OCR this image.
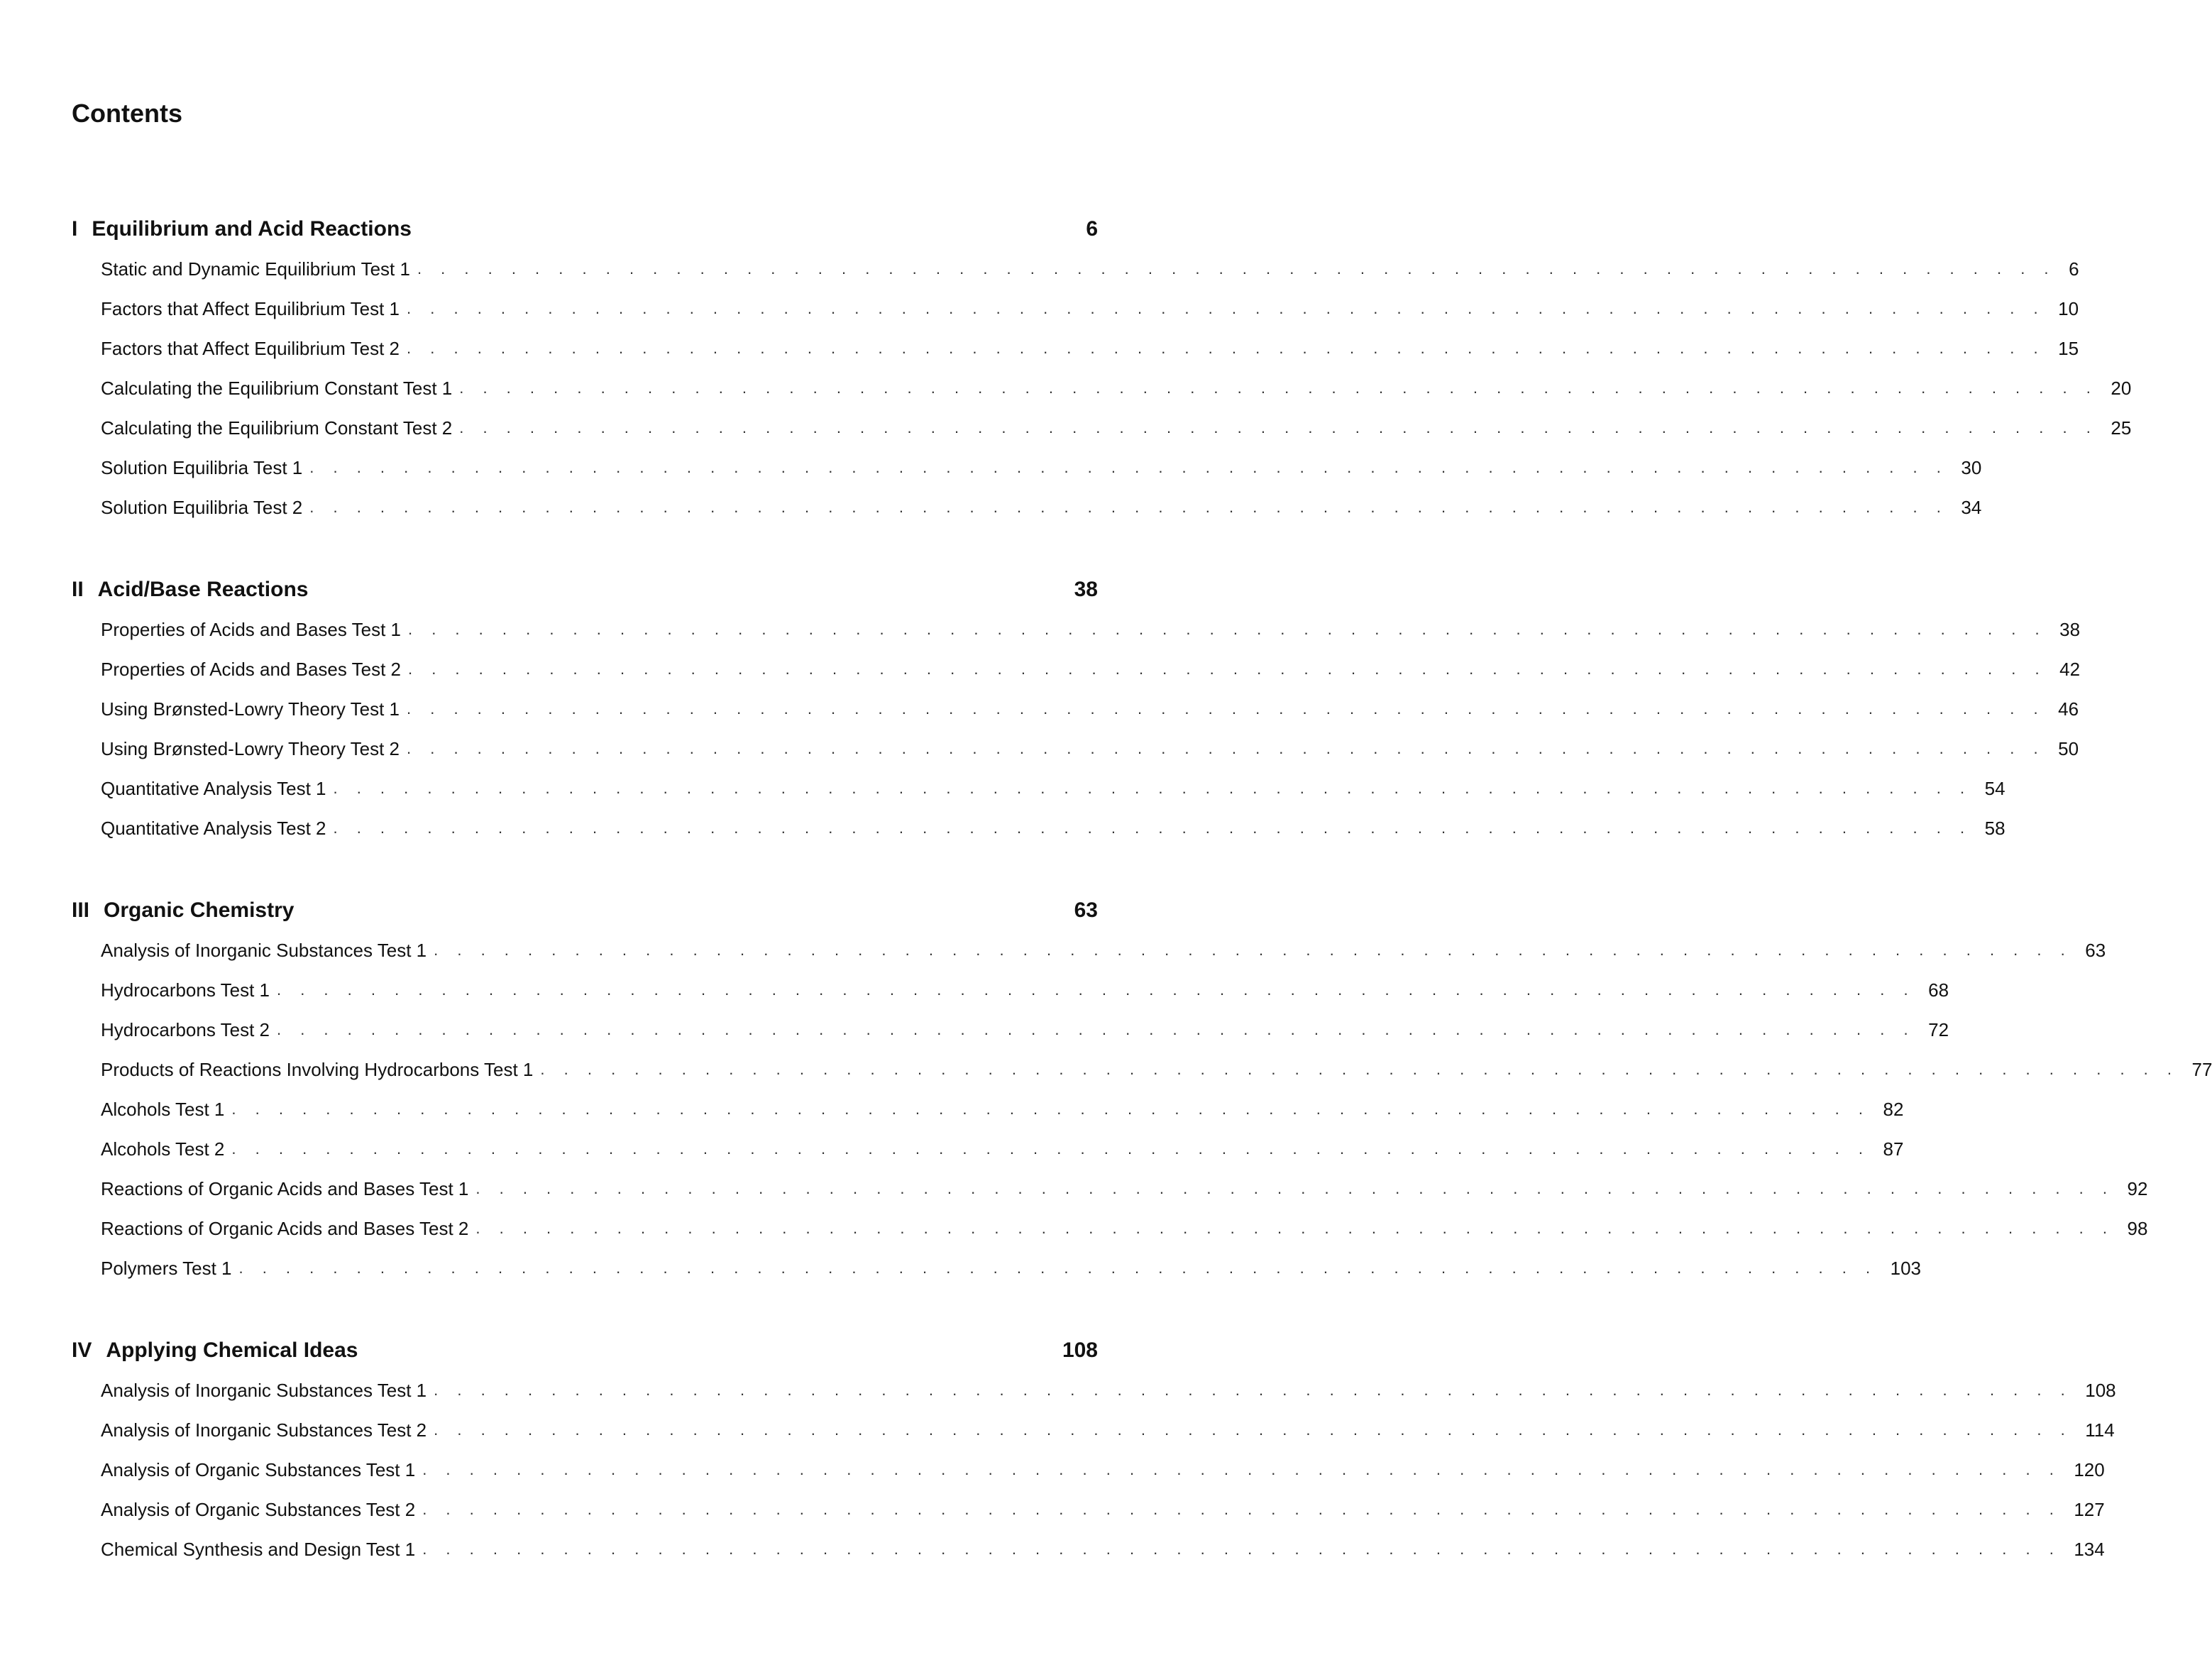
Contents
I Equilibrium and Acid Reactions	6
Static and Dynamic Equilibrium Test 1 . . . . . . . . . . . . . . . . . . . . . . . . . . . . . . . . . . . . . . . . . . . . . . . . . . . . . . . . . . . . . . . . . . . . . . 6
Factors that Affect Equilibrium Test 1 . . . . . . . . . . . . . . . . . . . . . . . . . . . . . . . . . . . . . . . . . . . . . . . . . . . . . . . . . . . . . . . . . . . . . . 10
Factors that Affect Equilibrium Test 2 . . . . . . . . . . . . . . . . . . . . . . . . . . . . . . . . . . . . . . . . . . . . . . . . . . . . . . . . . . . . . . . . . . . . . . 15
Calculating the Equilibrium Constant Test 1 . . . . . . . . . . . . . . . . . . . . . . . . . . . . . . . . . . . . . . . . . . . . . . . . . . . . . . . . . . . . . . . . . . . . . . 20
Calculating the Equilibrium Constant Test 2 . . . . . . . . . . . . . . . . . . . . . . . . . . . . . . . . . . . . . . . . . . . . . . . . . . . . . . . . . . . . . . . . . . . . . . 25
Solution Equilibria Test 1 . . . . . . . . . . . . . . . . . . . . . . . . . . . . . . . . . . . . . . . . . . . . . . . . . . . . . . . . . . . . . . . . . . . . . . 30
Solution Equilibria Test 2 . . . . . . . . . . . . . . . . . . . . . . . . . . . . . . . . . . . . . . . . . . . . . . . . . . . . . . . . . . . . . . . . . . . . . . 34
II Acid/Base Reactions	38
Properties of Acids and Bases Test 1 . . . . . . . . . . . . . . . . . . . . . . . . . . . . . . . . . . . . . . . . . . . . . . . . . . . . . . . . . . . . . . . . . . . . . . 38
Properties of Acids and Bases Test 2 . . . . . . . . . . . . . . . . . . . . . . . . . . . . . . . . . . . . . . . . . . . . . . . . . . . . . . . . . . . . . . . . . . . . . . 42
Using Brønsted-Lowry Theory Test 1 . . . . . . . . . . . . . . . . . . . . . . . . . . . . . . . . . . . . . . . . . . . . . . . . . . . . . . . . . . . . . . . . . . . . . . 46
Using Brønsted-Lowry Theory Test 2 . . . . . . . . . . . . . . . . . . . . . . . . . . . . . . . . . . . . . . . . . . . . . . . . . . . . . . . . . . . . . . . . . . . . . . 50
Quantitative Analysis Test 1 . . . . . . . . . . . . . . . . . . . . . . . . . . . . . . . . . . . . . . . . . . . . . . . . . . . . . . . . . . . . . . . . . . . . . . 54
Quantitative Analysis Test 2 . . . . . . . . . . . . . . . . . . . . . . . . . . . . . . . . . . . . . . . . . . . . . . . . . . . . . . . . . . . . . . . . . . . . . . 58
III Organic Chemistry	63
Analysis of Inorganic Substances Test 1 . . . . . . . . . . . . . . . . . . . . . . . . . . . . . . . . . . . . . . . . . . . . . . . . . . . . . . . . . . . . . . . . . . . . . . 63
Hydrocarbons Test 1 . . . . . . . . . . . . . . . . . . . . . . . . . . . . . . . . . . . . . . . . . . . . . . . . . . . . . . . . . . . . . . . . . . . . . . 68
Hydrocarbons Test 2 . . . . . . . . . . . . . . . . . . . . . . . . . . . . . . . . . . . . . . . . . . . . . . . . . . . . . . . . . . . . . . . . . . . . . . 72
Products of Reactions Involving Hydrocarbons Test 1 . . . . . . . . . . . . . . . . . . . . . . . . . . . . . . . . . . . . . . . . . . . . . . . . . . . . . . . . . . . . . . . . . . . . . . 77
Alcohols Test 1 . . . . . . . . . . . . . . . . . . . . . . . . . . . . . . . . . . . . . . . . . . . . . . . . . . . . . . . . . . . . . . . . . . . . . . 82
Alcohols Test 2 . . . . . . . . . . . . . . . . . . . . . . . . . . . . . . . . . . . . . . . . . . . . . . . . . . . . . . . . . . . . . . . . . . . . . . 87
Reactions of Organic Acids and Bases Test 1 . . . . . . . . . . . . . . . . . . . . . . . . . . . . . . . . . . . . . . . . . . . . . . . . . . . . . . . . . . . . . . . . . . . . . . 92
Reactions of Organic Acids and Bases Test 2 . . . . . . . . . . . . . . . . . . . . . . . . . . . . . . . . . . . . . . . . . . . . . . . . . . . . . . . . . . . . . . . . . . . . . . 98
Polymers Test 1 . . . . . . . . . . . . . . . . . . . . . . . . . . . . . . . . . . . . . . . . . . . . . . . . . . . . . . . . . . . . . . . . . . . . . . 103
IV Applying Chemical Ideas	108
Analysis of Inorganic Substances Test 1 . . . . . . . . . . . . . . . . . . . . . . . . . . . . . . . . . . . . . . . . . . . . . . . . . . . . . . . . . . . . . . . . . . . . . . 108
Analysis of Inorganic Substances Test 2 . . . . . . . . . . . . . . . . . . . . . . . . . . . . . . . . . . . . . . . . . . . . . . . . . . . . . . . . . . . . . . . . . . . . . . 114
Analysis of Organic Substances Test 1 . . . . . . . . . . . . . . . . . . . . . . . . . . . . . . . . . . . . . . . . . . . . . . . . . . . . . . . . . . . . . . . . . . . . . . 120
Analysis of Organic Substances Test 2 . . . . . . . . . . . . . . . . . . . . . . . . . . . . . . . . . . . . . . . . . . . . . . . . . . . . . . . . . . . . . . . . . . . . . . 127
Chemical Synthesis and Design Test 1 . . . . . . . . . . . . . . . . . . . . . . . . . . . . . . . . . . . . . . . . . . . . . . . . . . . . . . . . . . . . . . . . . . . . . . 134
